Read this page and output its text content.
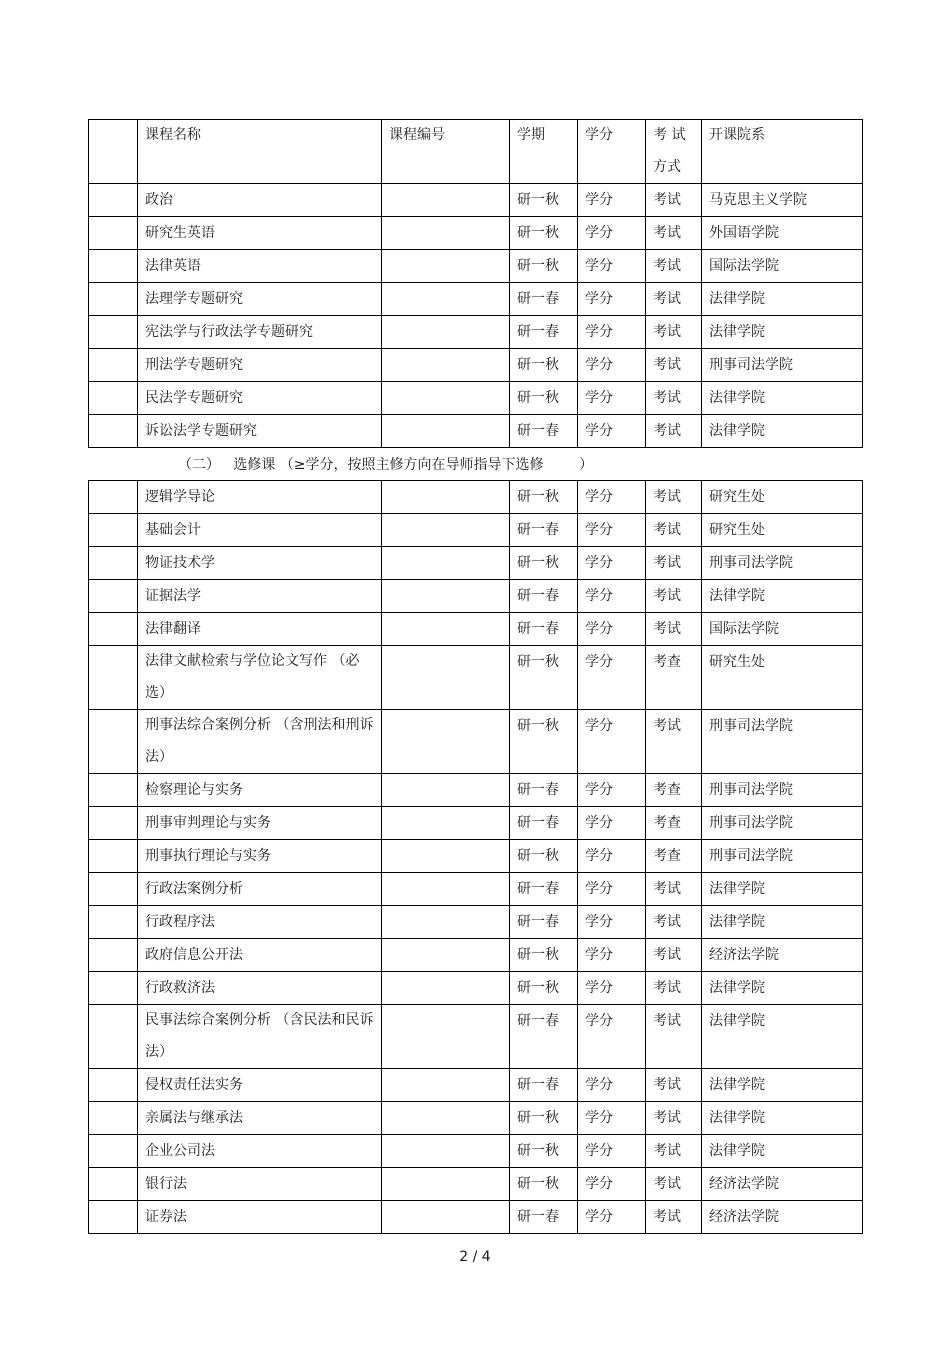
	课程名称	课程编号	学期	学分	考 试 方式	开课院系
	政治		研一秋	学分	考试	马克思主义学院
	研究生英语		研一秋	学分	考试	外国语学院
	法律英语		研一秋	学分	考试	国际法学院
	法理学专题研究		研一春	学分	考试	法律学院
	宪法学与行政法学专题研究		研一春	学分	考试	法律学院
	刑法学专题研究		研一秋	学分	考试	刑事司法学院
	民法学专题研究		研一秋	学分	考试	法律学院
	诉讼法学专题研究		研一春	学分	考试	法律学院
（二）   选修课 （≥学分，按照主修方向在导师指导下选修        ）
	逻辑学导论		研一秋	学分	考试	研究生处
	基础会计		研一春	学分	考试	研究生处
	物证技术学		研一秋	学分	考试	刑事司法学院
	证据法学		研一春	学分	考试	法律学院
	法律翻译		研一春	学分	考试	国际法学院
	法律文献检索与学位论文写作 （必选）		研一秋	学分	考查	研究生处
	刑事法综合案例分析 （含刑法和刑诉法）		研一秋	学分	考试	刑事司法学院
	检察理论与实务		研一春	学分	考查	刑事司法学院
	刑事审判理论与实务		研一春	学分	考查	刑事司法学院
	刑事执行理论与实务		研一秋	学分	考查	刑事司法学院
	行政法案例分析		研一春	学分	考试	法律学院
	行政程序法		研一春	学分	考试	法律学院
	政府信息公开法		研一秋	学分	考试	经济法学院
	行政救济法		研一秋	学分	考试	法律学院
	民事法综合案例分析 （含民法和民诉法）		研一春	学分	考试	法律学院
	侵权责任法实务		研一春	学分	考试	法律学院
	亲属法与继承法		研一秋	学分	考试	法律学院
	企业公司法		研一秋	学分	考试	法律学院
	银行法		研一秋	学分	考试	经济法学院
	证券法		研一春	学分	考试	经济法学院
2 / 4
